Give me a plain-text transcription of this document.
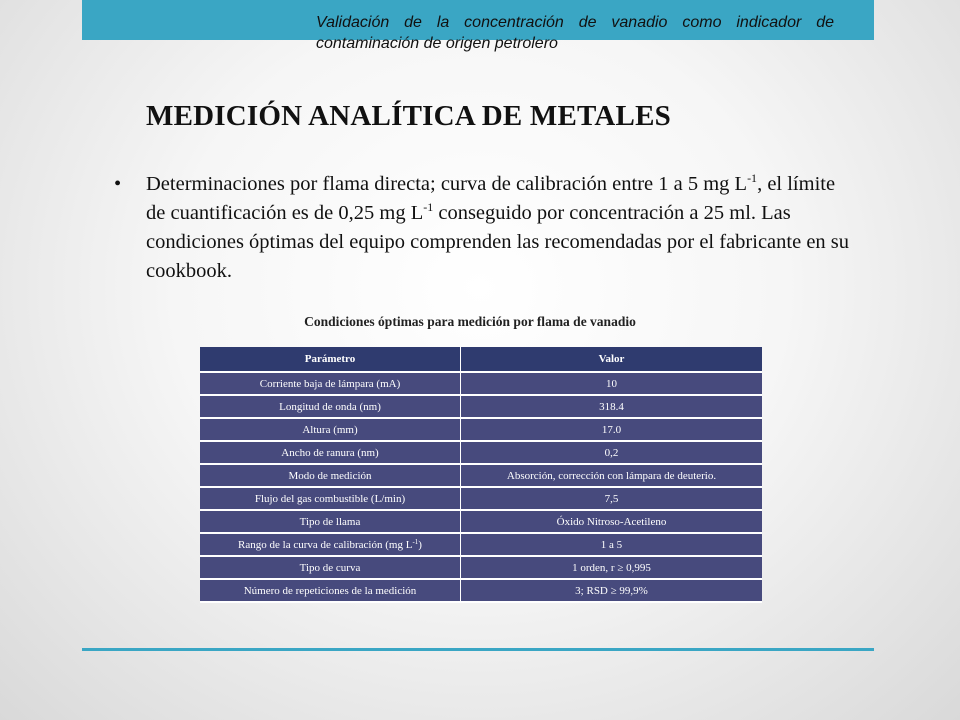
Validación de la concentración de vanadio como indicador de contaminación de origen petrolero
MEDICIÓN ANALÍTICA DE METALES
• Determinaciones por flama directa; curva de calibración entre 1 a 5 mg $L^{-1}$, el límite de cuantificación es de 0,25 mg $L^{-1}$ conseguido por concentración a 25 ml. Las condiciones óptimas del equipo comprenden las recomendadas por el fabricante en su cookbook.
Condiciones óptimas para medición por flama de vanadio
Parámetro	Valor
Corriente baja de lámpara (mA)	10
Longitud de onda (nm)	318.4
Altura (mm)	17.0
Ancho de ranura (nm)	0,2
Modo de medición	Absorción, corrección con lámpara de deuterio.
Flujo del gas combustible (L/min)	7,5
Tipo de llama	Óxido Nitroso-Acetileno
Rango de la curva de calibración (mg $L^{-1}$)	1 a 5
Tipo de curva	1 orden, r ≥ 0,995
Número de repeticiones de la medición	3; RSD ≥ 99,9%
